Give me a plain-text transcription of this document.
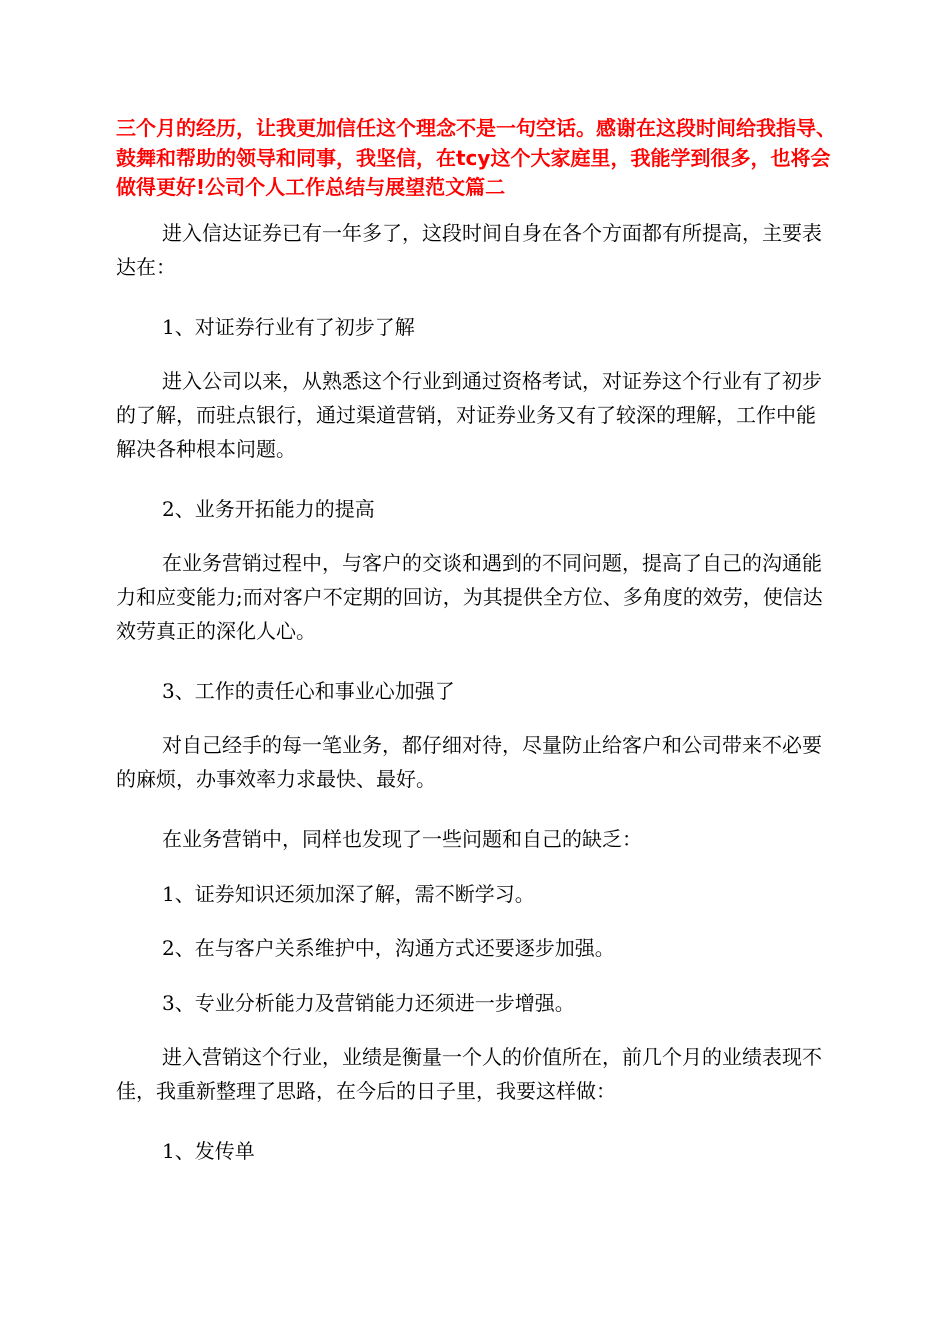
三个月的经历，让我更加信任这个理念不是一句空话。感谢在这段时间给我指导、鼓舞和帮助的领导和同事，我坚信，在tcy这个大家庭里，我能学到很多，也将会做得更好!公司个人工作总结与展望范文篇二

进入信达证券已有一年多了，这段时间自身在各个方面都有所提高，主要表达在：

1、对证券行业有了初步了解

进入公司以来，从熟悉这个行业到通过资格考试，对证券这个行业有了初步的了解，而驻点银行，通过渠道营销，对证券业务又有了较深的理解，工作中能解决各种根本问题。

2、业务开拓能力的提高

在业务营销过程中，与客户的交谈和遇到的不同问题，提高了自己的沟通能力和应变能力;而对客户不定期的回访，为其提供全方位、多角度的效劳，使信达效劳真正的深化人心。

3、工作的责任心和事业心加强了

对自己经手的每一笔业务，都仔细对待，尽量防止给客户和公司带来不必要的麻烦，办事效率力求最快、最好。

在业务营销中，同样也发现了一些问题和自己的缺乏：

1、证券知识还须加深了解，需不断学习。

2、在与客户关系维护中，沟通方式还要逐步加强。

3、专业分析能力及营销能力还须进一步增强。

进入营销这个行业，业绩是衡量一个人的价值所在，前几个月的业绩表现不佳，我重新整理了思路，在今后的日子里，我要这样做：

1、发传单
